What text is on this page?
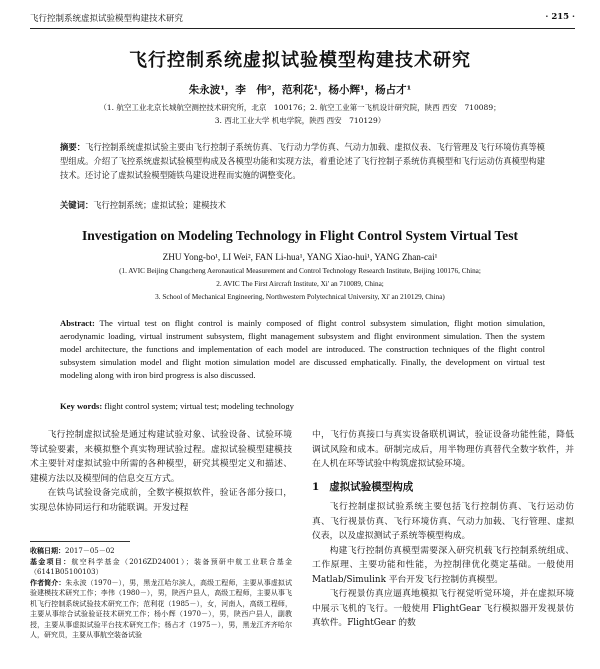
飞行控制系统虚拟试验模型构建技术研究	· 215 ·
飞行控制系统虚拟试验模型构建技术研究
朱永波¹，李　伟²，范利花¹，杨小辉¹，杨占才¹
（1. 航空工业北京长城航空测控技术研究所，北京　100176；2. 航空工业第一飞机设计研究院，陕西 西安　710089；
3. 西北工业大学 机电学院，陕西 西安　710129）
摘要：飞行控制系统虚拟试验主要由飞行控制子系统仿真、飞行动力学仿真、气动力加载、虚拟仪表、飞行管理及飞行环境仿真等模型组成。介绍了飞控系统虚拟试验模型构成及各模型功能和实现方法，着重论述了飞行控制子系统仿真模型和飞行运动仿真模型构建技术。还讨论了虚拟试验模型随铁鸟建设进程而实施的调整变化。
关键词：飞行控制系统；虚拟试验；建模技术
Investigation on Modeling Technology in Flight Control System Virtual Test
ZHU Yong-bo¹, LI Wei², FAN Li-hua¹, YANG Xiao-hui¹, YANG Zhan-cai¹
(1. AVIC Beijing Changcheng Aeronautical Measurement and Control Technology Research Institute, Beijing 100176, China;
2. AVIC The First Aircraft Institute, Xi' an 710089, China;
3. School of Mechanical Engineering, Northwestern Polytechnical University, Xi' an 210129, China)
Abstract: The virtual test on flight control is mainly composed of flight control subsystem simulation, flight motion simulation, aerodynamic loading, virtual instrument subsystem, flight management subsystem and flight environment simulation. Then the system model architecture, the functions and implementation of each model are introduced. The construction techniques of the flight control subsystem simulation model and flight motion simulation model are discussed emphatically. Finally, the development on virtual test modeling along with iron bird progress is also discussed.
Key words: flight control system; virtual test; modeling technology

飞行控制虚拟试验是通过构建试验对象、试验设备、试验环境等试验要素，来模拟整个真实物理试验过程。虚拟试验模型建模技术主要针对虚拟试验中所需的各种模型，研究其模型定义和描述、建模方法以及模型间的信息交互方式。

在铁鸟试验设备完成前，全数字模拟软件，验证各部分接口，实现总体协同运行和功能联调。开发过程

收稿日期：2017－05－02
基金项目：航空科学基金（2016ZD24001）；装备预研中航工业联合基金（6141B05100103）
作者简介：朱永波（1970－），男，黑龙江哈尔滨人，高级工程师，主要从事虚拟试验建模技术研究工作；李伟（1980－），男，陕西户县人，高级工程师，主要从事飞机飞行控制系统试验技术研究工作；范利花（1985－），女，河南人，高级工程师，主要从事综合试验验证技术研究工作；杨小辉（1970－），男，陕西户县人，副教授，主要从事虚拟试验平台技术研究工作；杨占才（1975－），男，黑龙江齐齐哈尔人，研究员，主要从事航空装备试验

中，飞行仿真接口与真实设备联机调试，验证设备功能性能，降低调试风险和成本。研制完成后，用半物理仿真替代全数字软件，并在人机在环等试验中构筑虚拟试验环境。

1 虚拟试验模型构成

飞行控制虚拟试验系统主要包括飞行控制仿真、飞行运动仿真、飞行视景仿真、飞行环境仿真、气动力加载、飞行管理、虚拟仪表，以及虚拟测试子系统等模型构成。

构建飞行控制仿真模型需要深入研究机载飞行控制系统组成、工作原理、主要功能和性能，为控制律优化奠定基础。一般使用 Matlab/Simulink 平台开发飞行控制仿真模型。

飞行视景仿真应逼真地模拟飞行视觉听觉环境，并在虚拟环境中展示飞机的飞行。一般使用 FlightGear 飞行模拟器开发视景仿真软件。FlightGear 的数
